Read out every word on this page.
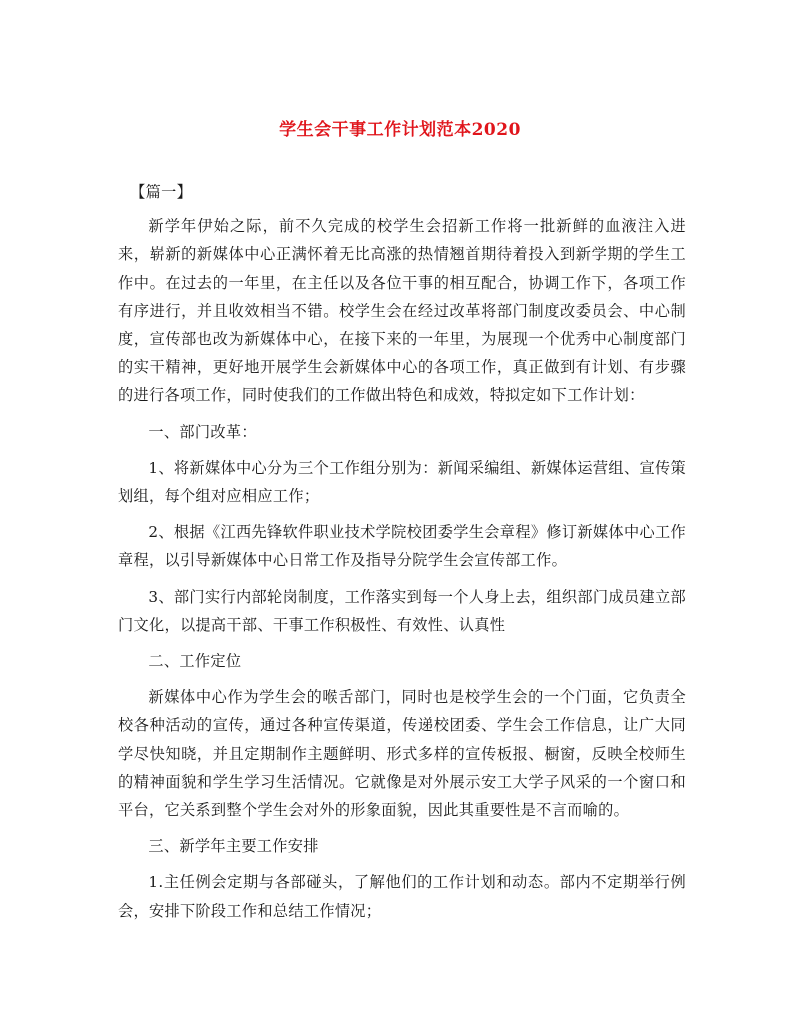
学生会干事工作计划范本2020

【篇一】

新学年伊始之际，前不久完成的校学生会招新工作将一批新鲜的血液注入进来，崭新的新媒体中心正满怀着无比高涨的热情翘首期待着投入到新学期的学生工作中。在过去的一年里，在主任以及各位干事的相互配合，协调工作下，各项工作有序进行，并且收效相当不错。校学生会在经过改革将部门制度改委员会、中心制度，宣传部也改为新媒体中心，在接下来的一年里，为展现一个优秀中心制度部门的实干精神，更好地开展学生会新媒体中心的各项工作，真正做到有计划、有步骤的进行各项工作，同时使我们的工作做出特色和成效，特拟定如下工作计划：

一、部门改革：

1、将新媒体中心分为三个工作组分别为：新闻采编组、新媒体运营组、宣传策划组，每个组对应相应工作；

2、根据《江西先锋软件职业技术学院校团委学生会章程》修订新媒体中心工作章程，以引导新媒体中心日常工作及指导分院学生会宣传部工作。

3、部门实行内部轮岗制度，工作落实到每一个人身上去，组织部门成员建立部门文化，以提高干部、干事工作积极性、有效性、认真性

二、工作定位

新媒体中心作为学生会的喉舌部门，同时也是校学生会的一个门面，它负责全校各种活动的宣传，通过各种宣传渠道，传递校团委、学生会工作信息，让广大同学尽快知晓，并且定期制作主题鲜明、形式多样的宣传板报、橱窗，反映全校师生的精神面貌和学生学习生活情况。它就像是对外展示安工大学子风采的一个窗口和平台，它关系到整个学生会对外的形象面貌，因此其重要性是不言而喻的。

三、新学年主要工作安排

1.主任例会定期与各部碰头，了解他们的工作计划和动态。部内不定期举行例会，安排下阶段工作和总结工作情况；
